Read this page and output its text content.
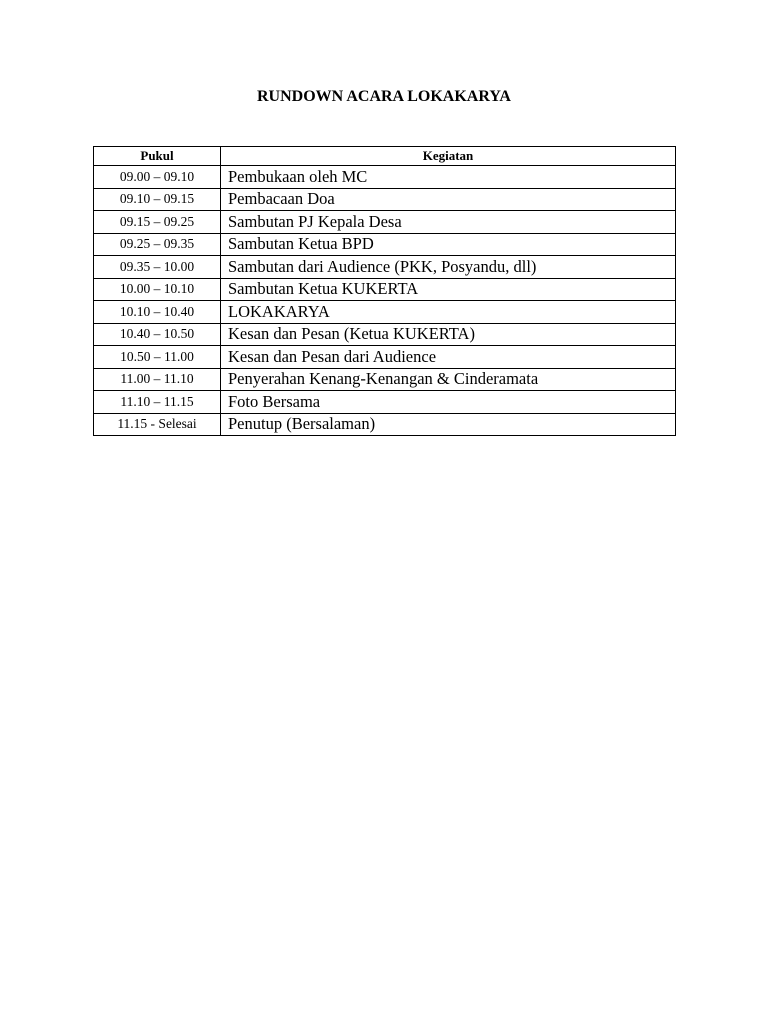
RUNDOWN ACARA LOKAKARYA
Pukul	Kegiatan
09.00 – 09.10	Pembukaan oleh MC
09.10 – 09.15	Pembacaan Doa
09.15 – 09.25	Sambutan PJ Kepala Desa
09.25 – 09.35	Sambutan Ketua BPD
09.35 – 10.00	Sambutan dari Audience (PKK, Posyandu, dll)
10.00 – 10.10	Sambutan Ketua KUKERTA
10.10 – 10.40	LOKAKARYA
10.40 – 10.50	Kesan dan Pesan (Ketua KUKERTA)
10.50 – 11.00	Kesan dan Pesan dari Audience
11.00 – 11.10	Penyerahan Kenang-Kenangan & Cinderamata
11.10 – 11.15	Foto Bersama
11.15 - Selesai	Penutup (Bersalaman)
